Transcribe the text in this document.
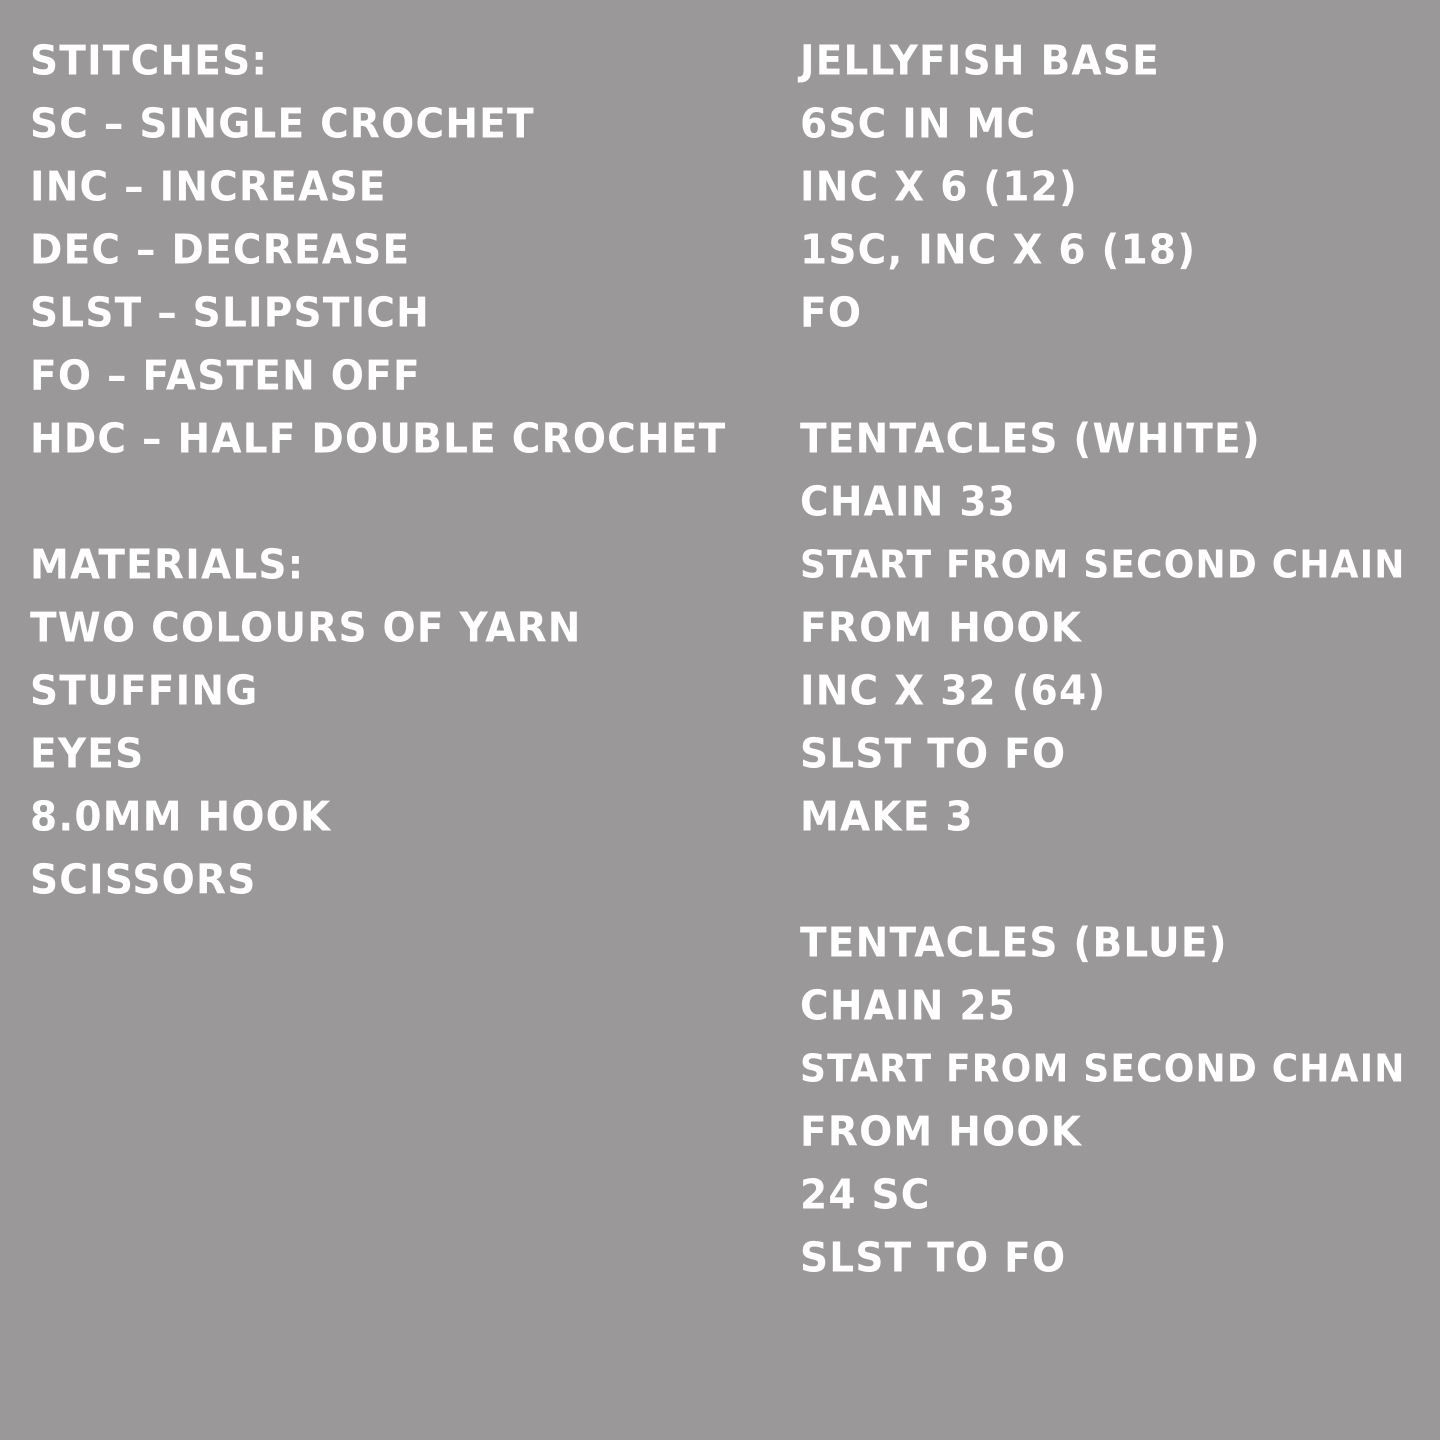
STITCHES:
SC – SINGLE CROCHET
INC – INCREASE
DEC – DECREASE
SLST – SLIPSTICH
FO – FASTEN OFF
HDC – HALF DOUBLE CROCHET
MATERIALS:
TWO COLOURS OF YARN
STUFFING
EYES
8.0MM HOOK
SCISSORS
JELLYFISH BASE
6SC IN MC
INC X 6 (12)
1SC, INC X 6 (18)
FO
TENTACLES (WHITE)
CHAIN 33
START FROM SECOND CHAIN
FROM HOOK
INC X 32 (64)
SLST TO FO
MAKE 3
TENTACLES (BLUE)
CHAIN 25
START FROM SECOND CHAIN
FROM HOOK
24 SC
SLST TO FO
